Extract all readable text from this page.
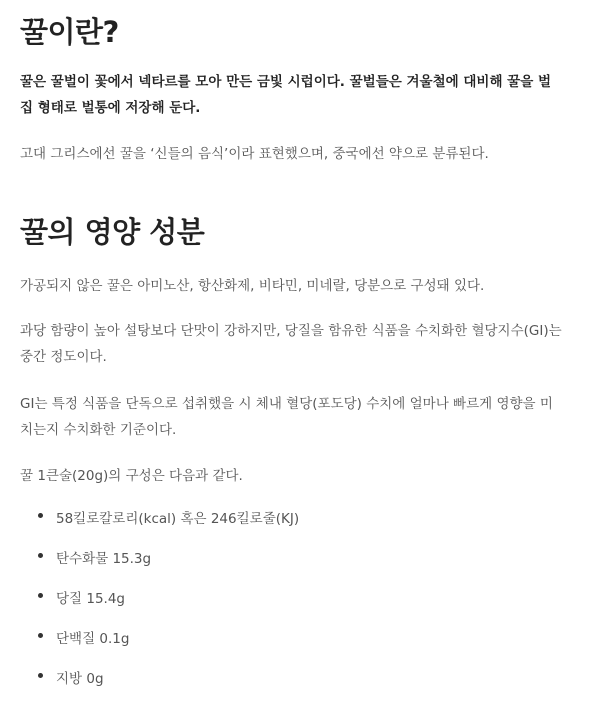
꿀이란?

꿀은 꿀벌이 꽃에서 넥타르를 모아 만든 금빛 시럽이다. 꿀벌들은 겨울철에 대비해 꿀을 벌집 형태로 벌통에 저장해 둔다.

고대 그리스에선 꿀을 ‘신들의 음식’이라 표현했으며, 중국에선 약으로 분류된다.

꿀의 영양 성분

가공되지 않은 꿀은 아미노산, 항산화제, 비타민, 미네랄, 당분으로 구성돼 있다.

과당 함량이 높아 설탕보다 단맛이 강하지만, 당질을 함유한 식품을 수치화한 혈당지수(GI)는 중간 정도이다.

GI는 특정 식품을 단독으로 섭취했을 시 체내 혈당(포도당) 수치에 얼마나 빠르게 영향을 미치는지 수치화한 기준이다.

꿀 1큰술(20g)의 구성은 다음과 같다.

58킬로칼로리(kcal) 혹은 246킬로줄(KJ)
탄수화물 15.3g
당질 15.4g
단백질 0.1g
지방 0g
